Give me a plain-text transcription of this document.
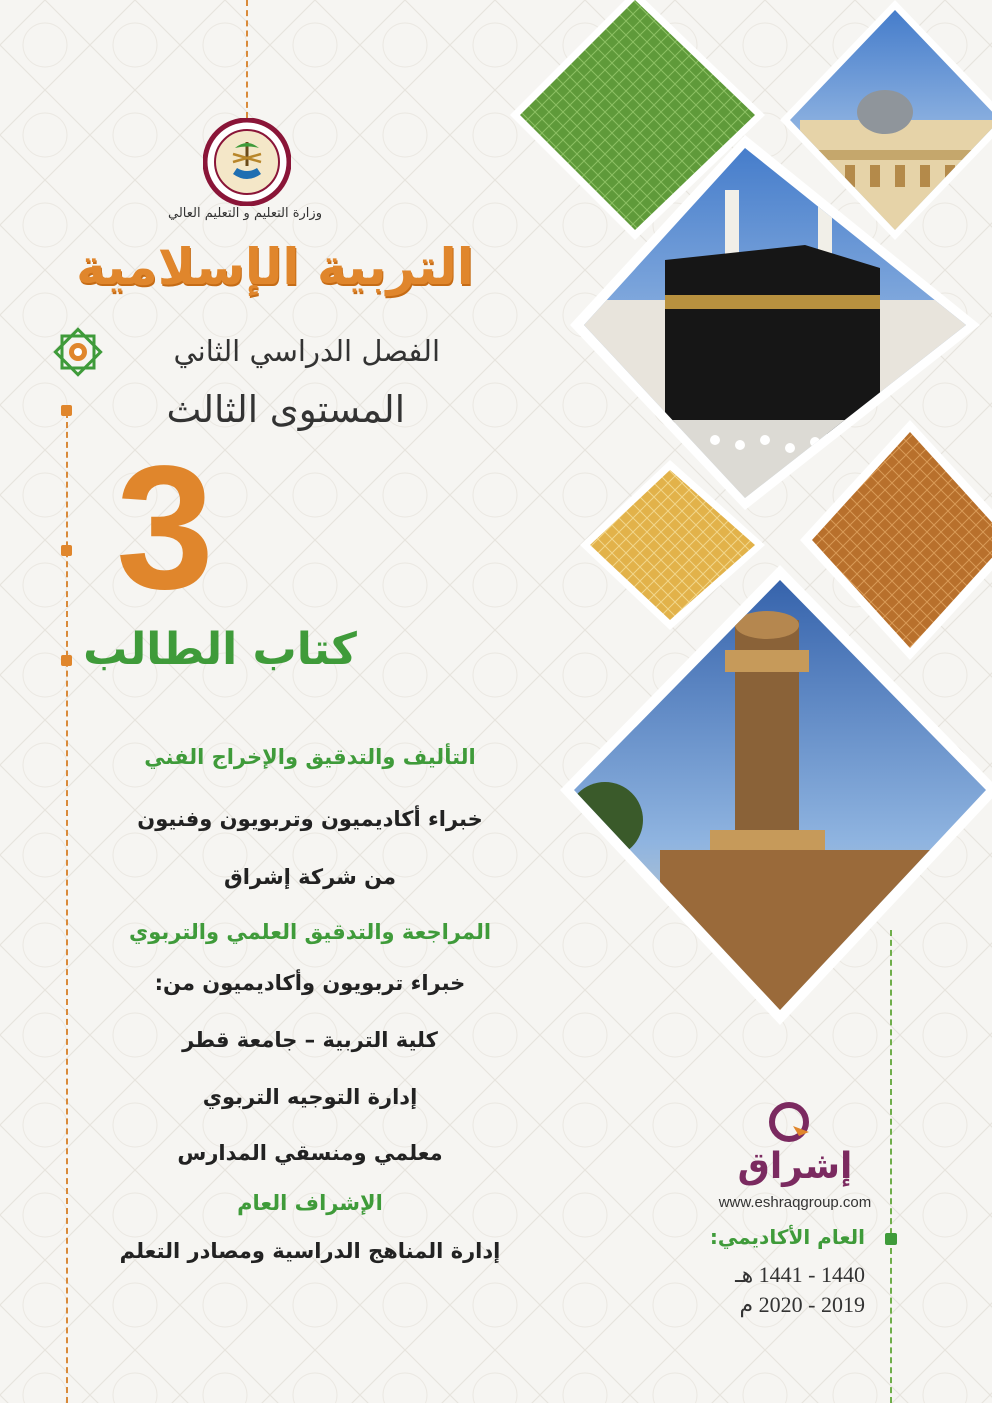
وزارة التعليم و التعليم العالي
التربية الإسلامية
الفصل الدراسي الثاني
المستوى الثالث
3
كتاب الطالب
التأليف والتدقيق والإخراج الفني
خبراء أكاديميون وتربويون وفنيون
من شركة إشراق
المراجعة والتدقيق العلمي والتربوي
خبراء تربويون وأكاديميون من:
كلية التربية – جامعة قطر
إدارة التوجيه التربوي
معلمي ومنسقي المدارس
الإشراف العام
إدارة المناهج الدراسية ومصادر التعلم
إشراق
www.eshraqgroup.com
العام الأكاديمي:
1440 - 1441 هـ
2019 - 2020 م
